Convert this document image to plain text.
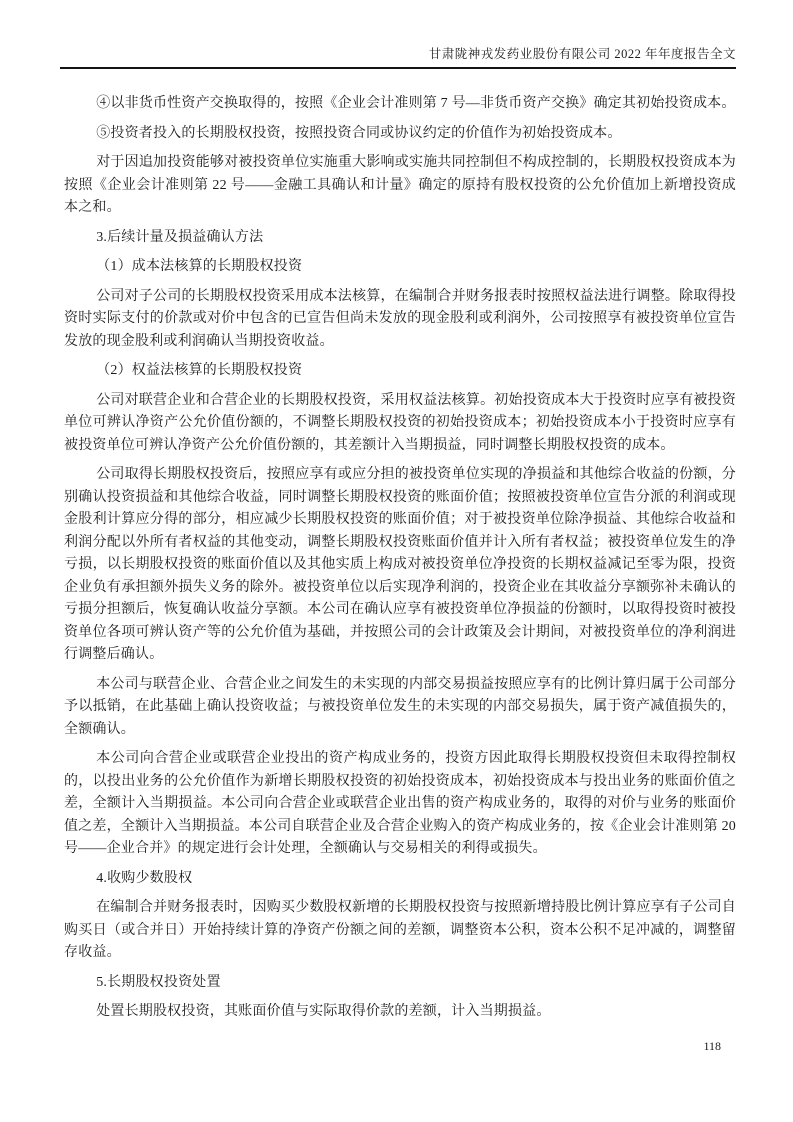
甘肃陇神戎发药业股份有限公司 2022 年年度报告全文

④以非货币性资产交换取得的，按照《企业会计准则第 7 号—非货币资产交换》确定其初始投资成本。

⑤投资者投入的长期股权投资，按照投资合同或协议约定的价值作为初始投资成本。

对于因追加投资能够对被投资单位实施重大影响或实施共同控制但不构成控制的，长期股权投资成本为按照《企业会计准则第 22 号——金融工具确认和计量》确定的原持有股权投资的公允价值加上新增投资成本之和。

3.后续计量及损益确认方法

（1）成本法核算的长期股权投资

公司对子公司的长期股权投资采用成本法核算，在编制合并财务报表时按照权益法进行调整。除取得投资时实际支付的价款或对价中包含的已宣告但尚未发放的现金股利或利润外，公司按照享有被投资单位宣告发放的现金股利或利润确认当期投资收益。

（2）权益法核算的长期股权投资

公司对联营企业和合营企业的长期股权投资，采用权益法核算。初始投资成本大于投资时应享有被投资单位可辨认净资产公允价值份额的，不调整长期股权投资的初始投资成本；初始投资成本小于投资时应享有被投资单位可辨认净资产公允价值份额的，其差额计入当期损益，同时调整长期股权投资的成本。

公司取得长期股权投资后，按照应享有或应分担的被投资单位实现的净损益和其他综合收益的份额，分别确认投资损益和其他综合收益，同时调整长期股权投资的账面价值；按照被投资单位宣告分派的利润或现金股利计算应分得的部分，相应减少长期股权投资的账面价值；对于被投资单位除净损益、其他综合收益和利润分配以外所有者权益的其他变动，调整长期股权投资账面价值并计入所有者权益；被投资单位发生的净亏损，以长期股权投资的账面价值以及其他实质上构成对被投资单位净投资的长期权益减记至零为限，投资企业负有承担额外损失义务的除外。被投资单位以后实现净利润的，投资企业在其收益分享额弥补未确认的亏损分担额后，恢复确认收益分享额。本公司在确认应享有被投资单位净损益的份额时，以取得投资时被投资单位各项可辨认资产等的公允价值为基础，并按照公司的会计政策及会计期间，对被投资单位的净利润进行调整后确认。

本公司与联营企业、合营企业之间发生的未实现的内部交易损益按照应享有的比例计算归属于公司部分予以抵销，在此基础上确认投资收益；与被投资单位发生的未实现的内部交易损失，属于资产减值损失的，全额确认。

本公司向合营企业或联营企业投出的资产构成业务的，投资方因此取得长期股权投资但未取得控制权的，以投出业务的公允价值作为新增长期股权投资的初始投资成本，初始投资成本与投出业务的账面价值之差，全额计入当期损益。本公司向合营企业或联营企业出售的资产构成业务的，取得的对价与业务的账面价值之差，全额计入当期损益。本公司自联营企业及合营企业购入的资产构成业务的，按《企业会计准则第 20 号——企业合并》的规定进行会计处理，全额确认与交易相关的利得或损失。

4.收购少数股权

在编制合并财务报表时，因购买少数股权新增的长期股权投资与按照新增持股比例计算应享有子公司自购买日（或合并日）开始持续计算的净资产份额之间的差额，调整资本公积，资本公积不足冲减的，调整留存收益。

5.长期股权投资处置

处置长期股权投资，其账面价值与实际取得价款的差额，计入当期损益。

118
